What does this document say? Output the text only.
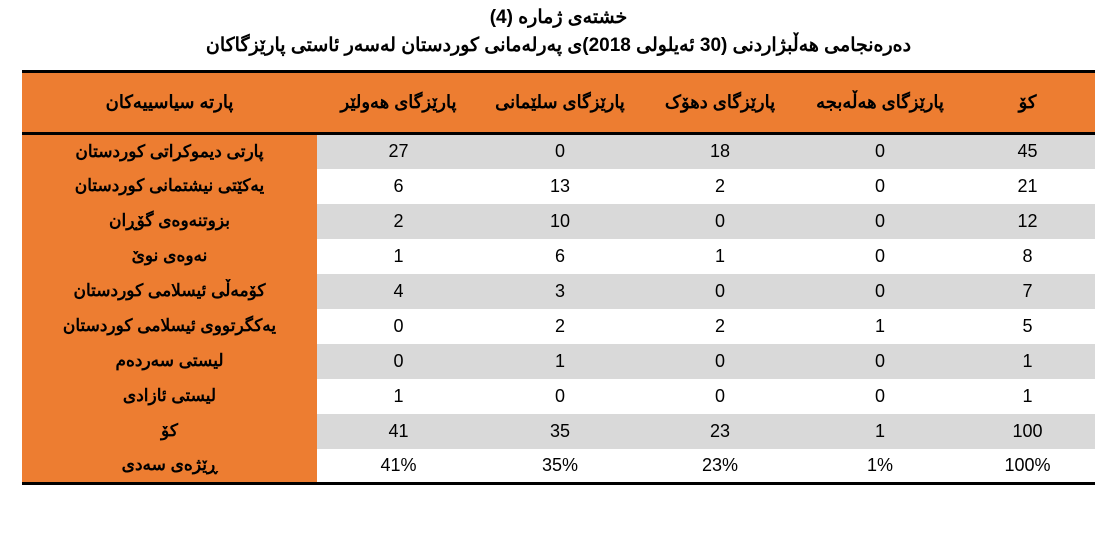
خشتەی ژمارە (4)
دەرەنجامی هەڵبژاردنی (30 ئەیلولی 2018)ی پەرلەمانی کوردستان لەسەر ئاستی پارێزگاکان
کۆ	پارێزگای هەڵەبجە	پارێزگای دهۆک	پارێزگای سلێمانی	پارێزگای هەولێر	پارتە سیاسییەکان
45	0	18	0	27	پارتی دیموکراتی کوردستان
21	0	2	13	6	یەکێتی نیشتمانی کوردستان
12	0	0	10	2	بزوتنەوەی گۆڕان
8	0	1	6	1	نەوەی نوێ
7	0	0	3	4	کۆمەڵی ئیسلامی کوردستان
5	1	2	2	0	یەکگرتووی ئیسلامی کوردستان
1	0	0	1	0	لیستی سەردەم
1	0	0	0	1	لیستی ئازادی
100	1	23	35	41	کۆ
100%	1%	23%	35%	41%	ڕێژەی سەدی
